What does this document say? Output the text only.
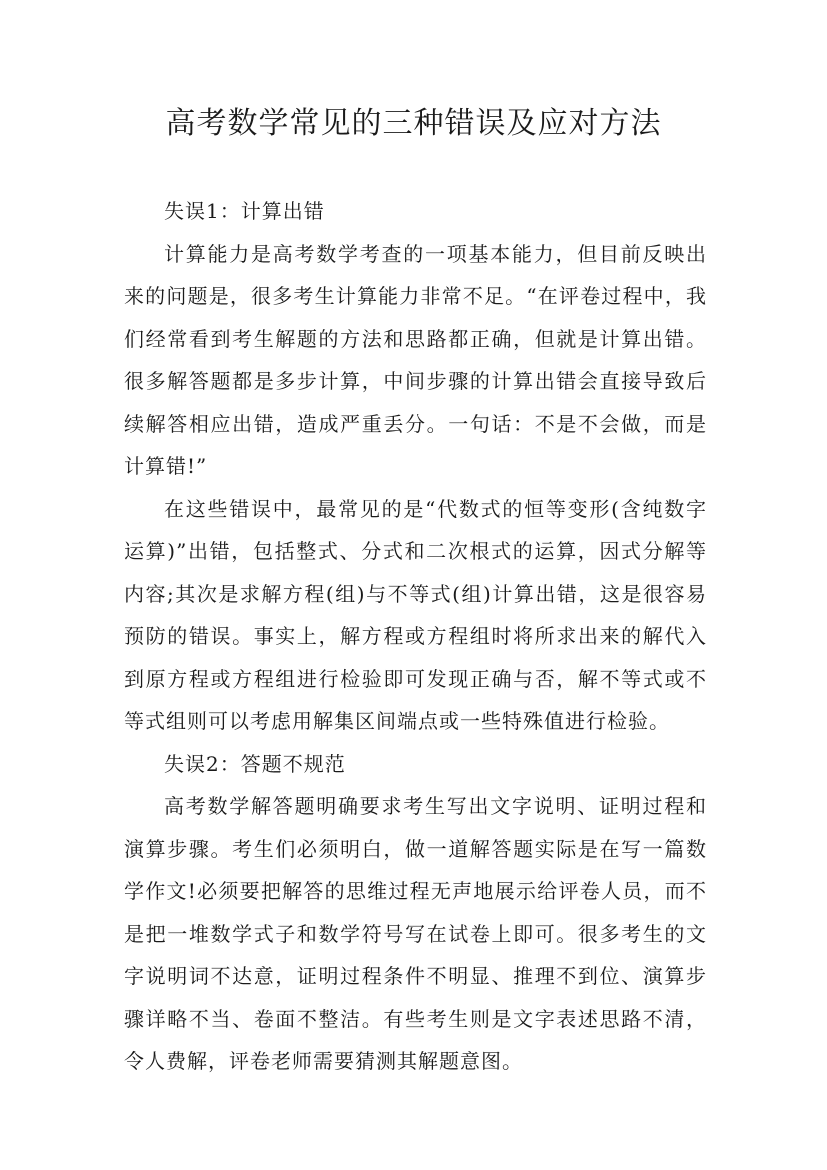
高考数学常见的三种错误及应对方法

失误1：计算出错

计算能力是高考数学考查的一项基本能力，但目前反映出来的问题是，很多考生计算能力非常不足。“在评卷过程中，我们经常看到考生解题的方法和思路都正确，但就是计算出错。很多解答题都是多步计算，中间步骤的计算出错会直接导致后续解答相应出错，造成严重丢分。一句话：不是不会做，而是计算错!”

在这些错误中，最常见的是“代数式的恒等变形(含纯数字运算)”出错，包括整式、分式和二次根式的运算，因式分解等内容;其次是求解方程(组)与不等式(组)计算出错，这是很容易预防的错误。事实上，解方程或方程组时将所求出来的解代入到原方程或方程组进行检验即可发现正确与否，解不等式或不等式组则可以考虑用解集区间端点或一些特殊值进行检验。

失误2：答题不规范

高考数学解答题明确要求考生写出文字说明、证明过程和演算步骤。考生们必须明白，做一道解答题实际是在写一篇数学作文!必须要把解答的思维过程无声地展示给评卷人员，而不是把一堆数学式子和数学符号写在试卷上即可。很多考生的文字说明词不达意，证明过程条件不明显、推理不到位、演算步骤详略不当、卷面不整洁。有些考生则是文字表述思路不清，令人费解，评卷老师需要猜测其解题意图。
